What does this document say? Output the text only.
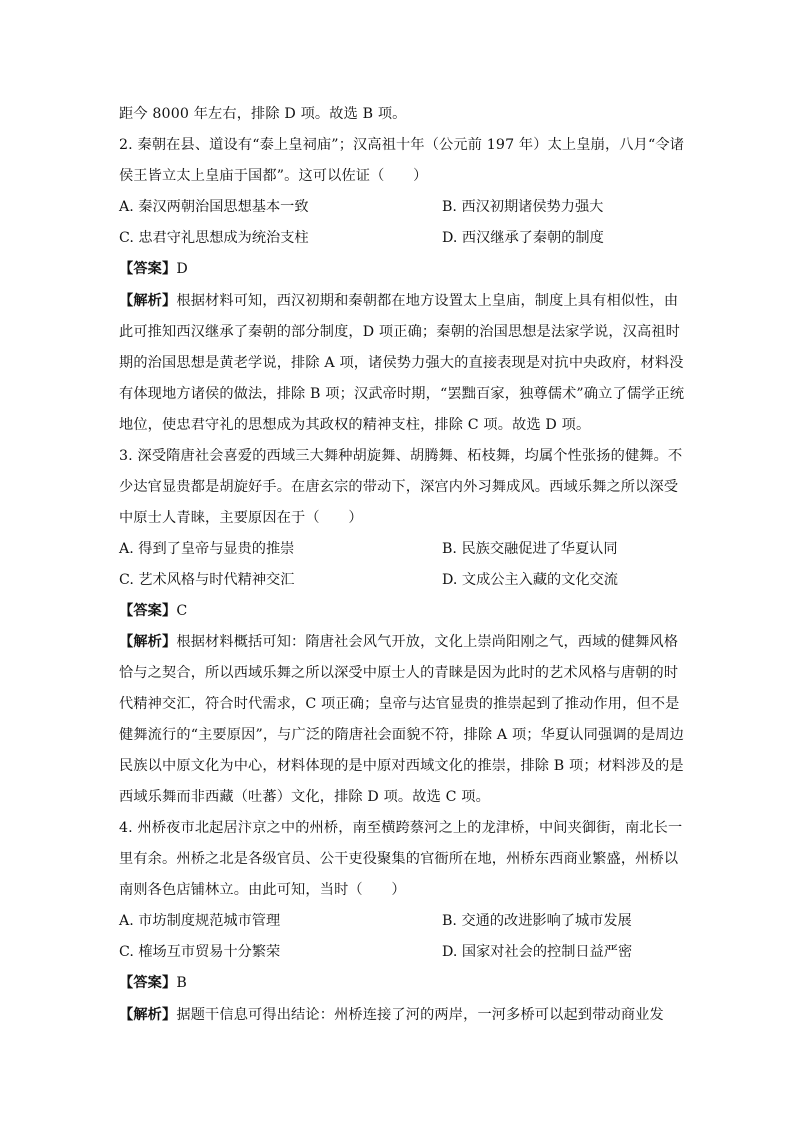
距今 8000 年左右，排除 D 项。故选 B 项。
2. 秦朝在县、道设有“泰上皇祠庙”；汉高祖十年（公元前 197 年）太上皇崩，八月“令诸
侯王皆立太上皇庙于国都”。这可以佐证（　　）
A. 秦汉两朝治国思想基本一致	B. 西汉初期诸侯势力强大
C. 忠君守礼思想成为统治支柱	D. 西汉继承了秦朝的制度
【答案】D
【解析】根据材料可知，西汉初期和秦朝都在地方设置太上皇庙，制度上具有相似性，由
此可推知西汉继承了秦朝的部分制度，D 项正确；秦朝的治国思想是法家学说，汉高祖时
期的治国思想是黄老学说，排除 A 项，诸侯势力强大的直接表现是对抗中央政府，材料没
有体现地方诸侯的做法，排除 B 项；汉武帝时期，“罢黜百家，独尊儒术”确立了儒学正统
地位，使忠君守礼的思想成为其政权的精神支柱，排除 C 项。故选 D 项。
3. 深受隋唐社会喜爱的西域三大舞种胡旋舞、胡腾舞、柘枝舞，均属个性张扬的健舞。不
少达官显贵都是胡旋好手。在唐玄宗的带动下，深宫内外习舞成风。西域乐舞之所以深受
中原士人青睐，主要原因在于（　　）
A. 得到了皇帝与显贵的推崇	B. 民族交融促进了华夏认同
C. 艺术风格与时代精神交汇	D. 文成公主入藏的文化交流
【答案】C
【解析】根据材料概括可知：隋唐社会风气开放，文化上崇尚阳刚之气，西域的健舞风格
恰与之契合，所以西域乐舞之所以深受中原士人的青睐是因为此时的艺术风格与唐朝的时
代精神交汇，符合时代需求，C 项正确；皇帝与达官显贵的推崇起到了推动作用，但不是
健舞流行的“主要原因”，与广泛的隋唐社会面貌不符，排除 A 项；华夏认同强调的是周边
民族以中原文化为中心，材料体现的是中原对西域文化的推崇，排除 B 项；材料涉及的是
西域乐舞而非西藏（吐蕃）文化，排除 D 项。故选 C 项。
4. 州桥夜市北起居汴京之中的州桥，南至横跨蔡河之上的龙津桥，中间夹御街，南北长一
里有余。州桥之北是各级官员、公干吏役聚集的官衙所在地，州桥东西商业繁盛，州桥以
南则各色店铺林立。由此可知，当时（　　）
A. 市坊制度规范城市管理	B. 交通的改进影响了城市发展
C. 榷场互市贸易十分繁荣	D. 国家对社会的控制日益严密
【答案】B
【解析】据题干信息可得出结论：州桥连接了河的两岸，一河多桥可以起到带动商业发
